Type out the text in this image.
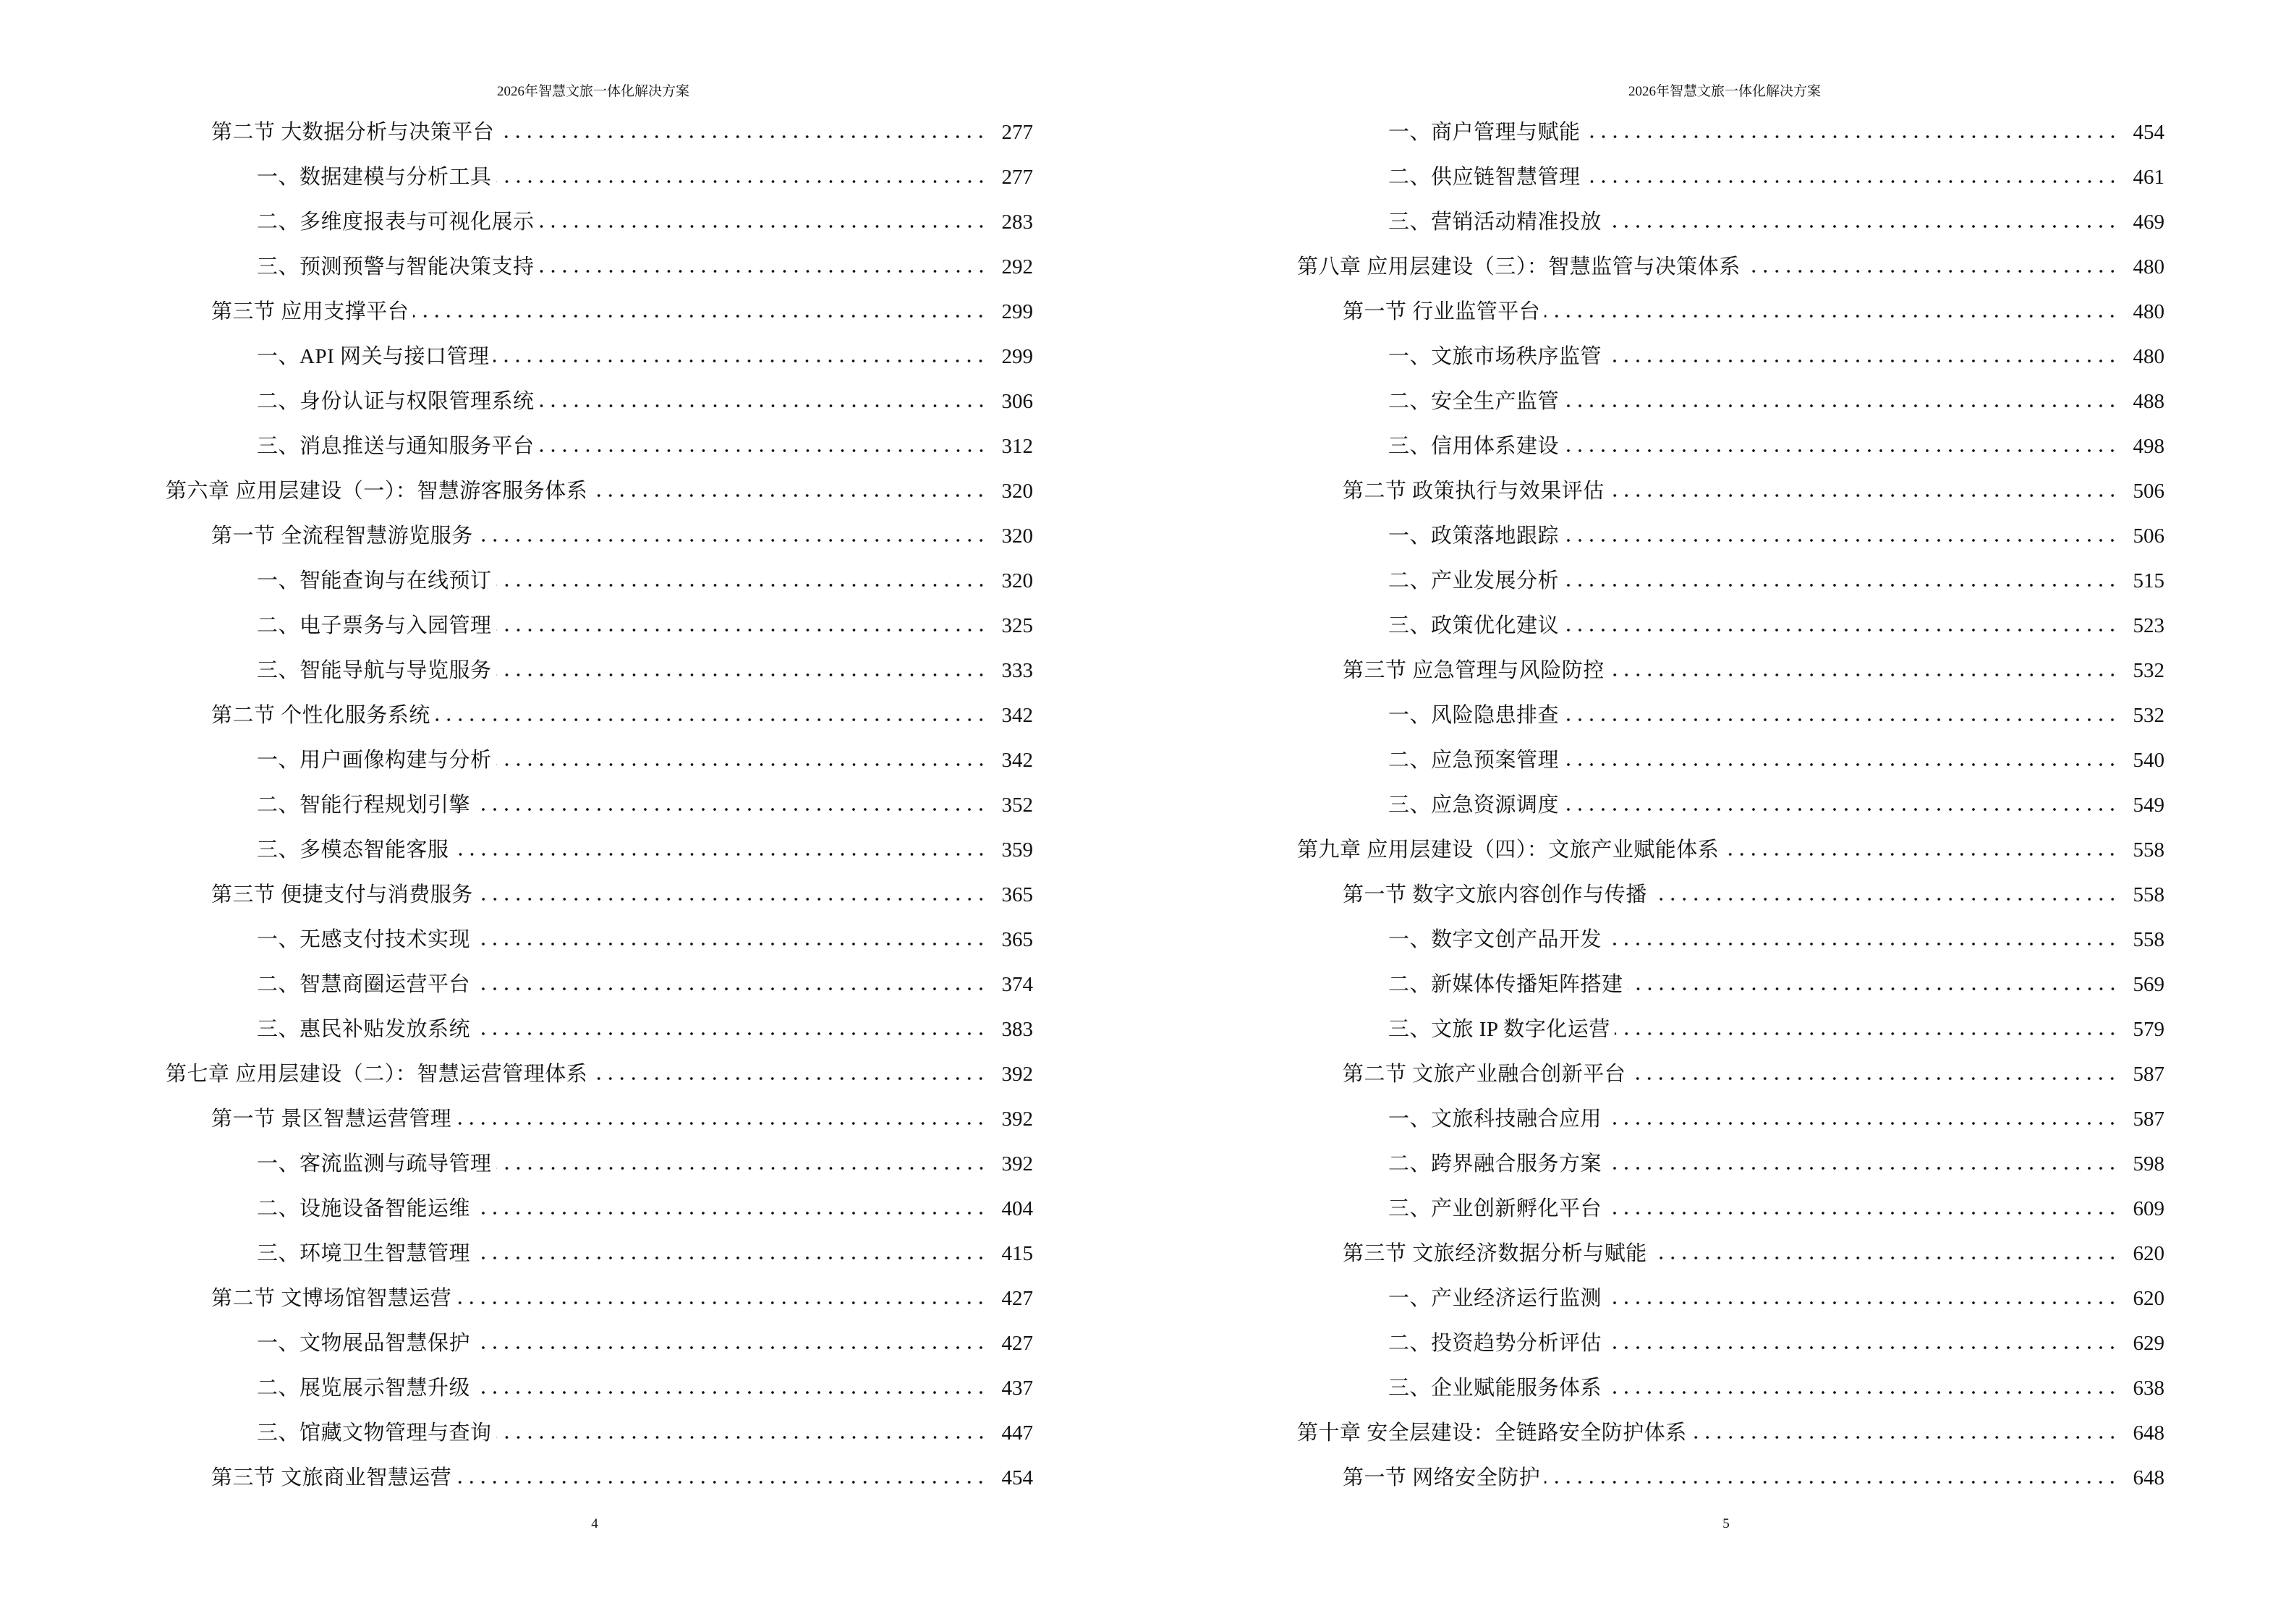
2026年智慧文旅一体化解决方案
第二节 大数据分析与决策平台	277
一、数据建模与分析工具	277
二、多维度报表与可视化展示	283
三、预测预警与智能决策支持	292
第三节 应用支撑平台	299
一、API 网关与接口管理	299
二、身份认证与权限管理系统	306
三、消息推送与通知服务平台	312
第六章 应用层建设（一）：智慧游客服务体系	320
第一节 全流程智慧游览服务	320
一、智能查询与在线预订	320
二、电子票务与入园管理	325
三、智能导航与导览服务	333
第二节 个性化服务系统	342
一、用户画像构建与分析	342
二、智能行程规划引擎	352
三、多模态智能客服	359
第三节 便捷支付与消费服务	365
一、无感支付技术实现	365
二、智慧商圈运营平台	374
三、惠民补贴发放系统	383
第七章 应用层建设（二）：智慧运营管理体系	392
第一节 景区智慧运营管理	392
一、客流监测与疏导管理	392
二、设施设备智能运维	404
三、环境卫生智慧管理	415
第二节 文博场馆智慧运营	427
一、文物展品智慧保护	427
二、展览展示智慧升级	437
三、馆藏文物管理与查询	447
第三节 文旅商业智慧运营	454
4
2026年智慧文旅一体化解决方案
一、商户管理与赋能	454
二、供应链智慧管理	461
三、营销活动精准投放	469
第八章 应用层建设（三）：智慧监管与决策体系	480
第一节 行业监管平台	480
一、文旅市场秩序监管	480
二、安全生产监管	488
三、信用体系建设	498
第二节 政策执行与效果评估	506
一、政策落地跟踪	506
二、产业发展分析	515
三、政策优化建议	523
第三节 应急管理与风险防控	532
一、风险隐患排查	532
二、应急预案管理	540
三、应急资源调度	549
第九章 应用层建设（四）：文旅产业赋能体系	558
第一节 数字文旅内容创作与传播	558
一、数字文创产品开发	558
二、新媒体传播矩阵搭建	569
三、文旅 IP 数字化运营	579
第二节 文旅产业融合创新平台	587
一、文旅科技融合应用	587
二、跨界融合服务方案	598
三、产业创新孵化平台	609
第三节 文旅经济数据分析与赋能	620
一、产业经济运行监测	620
二、投资趋势分析评估	629
三、企业赋能服务体系	638
第十章 安全层建设：全链路安全防护体系	648
第一节 网络安全防护	648
5
